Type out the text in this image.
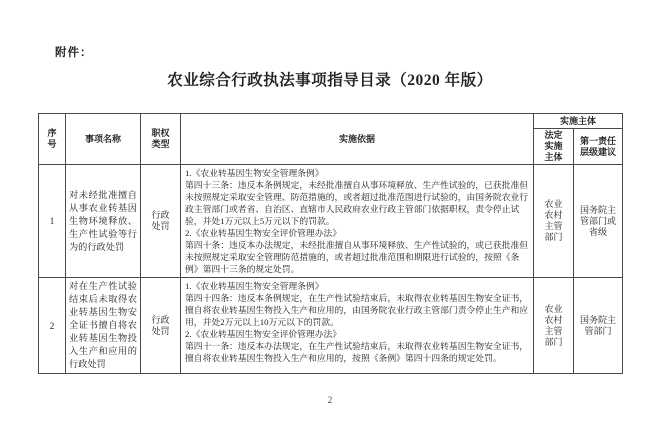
附件：
农业综合行政执法事项指导目录（2020 年版）
序号	事项名称	职权类型	实施依据	实施主体	
				法定实施主体	第一责任层级建议
1	对未经批准擅自从事农业转基因生物环境释放、生产性试验等行为的行政处罚	行政处罚	1.《农业转基因生物安全管理条例》
第四十三条：违反本条例规定，未经批准擅自从事环境释放、生产性试验的，已获批准但未按照规定采取安全管理、防范措施的，或者超过批准范围进行试验的，由国务院农业行政主管部门或者省、自治区、直辖市人民政府农业行政主管部门依据职权，责令停止试验，并处1万元以上5万元以下的罚款。
2.《农业转基因生物安全评价管理办法》
第四十条：违反本办法规定，未经批准擅自从事环境释放、生产性试验的，或已获批准但未按照规定采取安全管理防范措施的，或者超过批准范围和期限进行试验的，按照《条例》第四十三条的规定处罚。	农业农村主管部门	国务院主管部门或省级
2	对在生产性试验结束后未取得农业转基因生物安全证书擅自将农业转基因生物投入生产和应用的行政处罚	行政处罚	1.《农业转基因生物安全管理条例》
第四十四条：违反本条例规定，在生产性试验结束后，未取得农业转基因生物安全证书，擅自将农业转基因生物投入生产和应用的，由国务院农业行政主管部门责令停止生产和应用，并处2万元以上10万元以下的罚款。
2.《农业转基因生物安全评价管理办法》
第四十一条：违反本办法规定，在生产性试验结束后，未取得农业转基因生物安全证书，擅自将农业转基因生物投入生产和应用的，按照《条例》第四十四条的规定处罚。	农业农村主管部门	国务院主管部门
2
